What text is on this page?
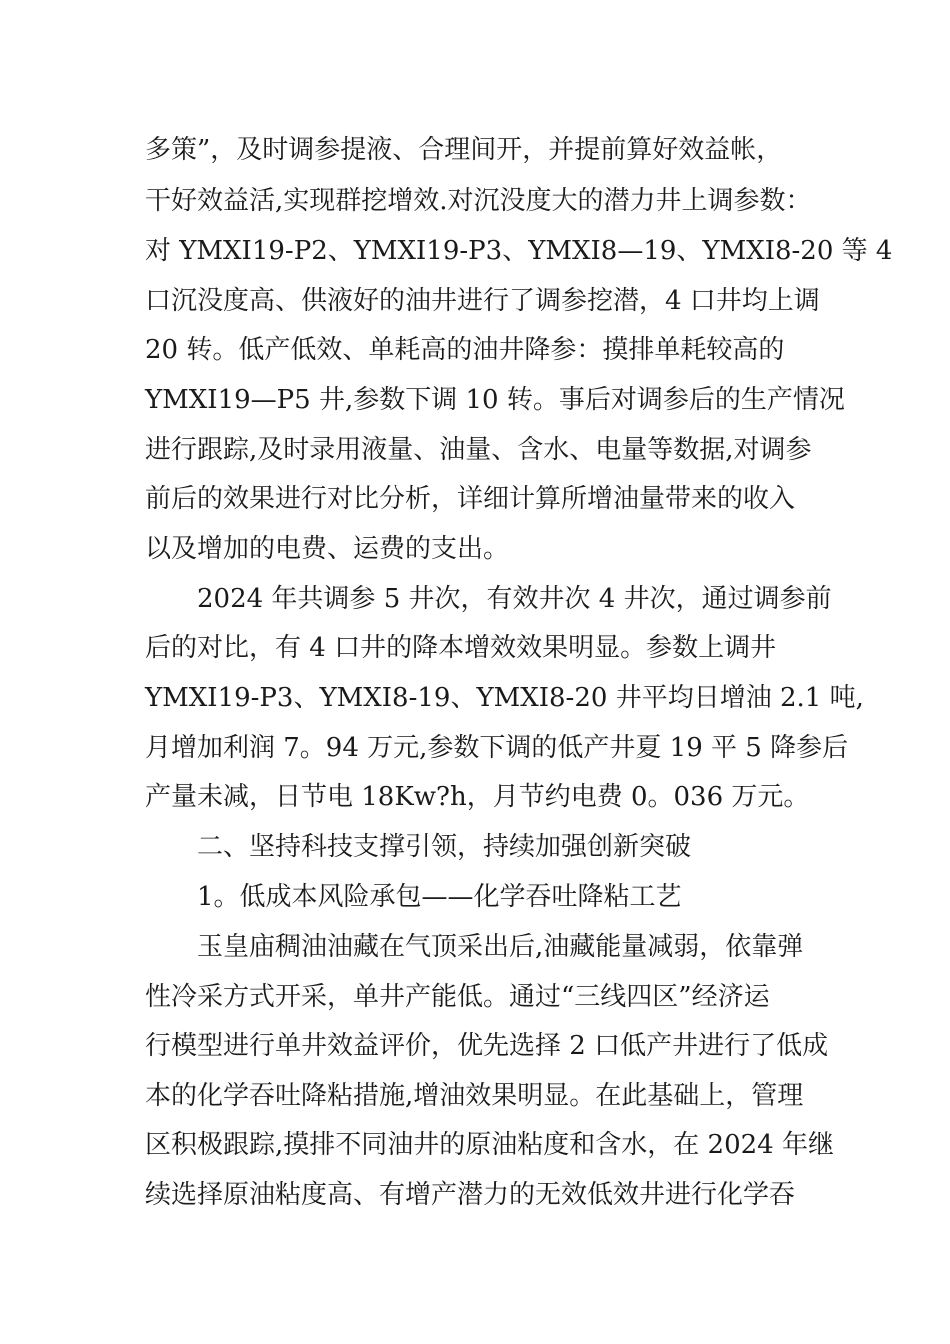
多策”，及时调参提液、合理间开，并提前算好效益帐，
干好效益活,实现群挖增效.对沉没度大的潜力井上调参数：
对 YMXI19-P2、YMXI19-P3、YMXI8—19、YMXI8-20 等 4
口沉没度高、供液好的油井进行了调参挖潜，4 口井均上调
20 转。低产低效、单耗高的油井降参：摸排单耗较高的
YMXI19—P5 井,参数下调 10 转。事后对调参后的生产情况
进行跟踪,及时录用液量、油量、含水、电量等数据,对调参
前后的效果进行对比分析，详细计算所增油量带来的收入
以及增加的电费、运费的支出。
2024 年共调参 5 井次，有效井次 4 井次，通过调参前
后的对比，有 4 口井的降本增效效果明显。参数上调井
YMXI19-P3、YMXI8-19、YMXI8-20 井平均日增油 2.1 吨,
月增加利润 7。94 万元,参数下调的低产井夏 19 平 5 降参后
产量未减，日节电 18Kw?h，月节约电费 0。036 万元。
二、坚持科技支撑引领，持续加强创新突破
1。低成本风险承包——化学吞吐降粘工艺
玉皇庙稠油油藏在气顶采出后,油藏能量减弱，依靠弹
性冷采方式开采，单井产能低。通过“三线四区”经济运
行模型进行单井效益评价，优先选择 2 口低产井进行了低成
本的化学吞吐降粘措施,增油效果明显。在此基础上，管理
区积极跟踪,摸排不同油井的原油粘度和含水，在 2024 年继
续选择原油粘度高、有增产潜力的无效低效井进行化学吞
